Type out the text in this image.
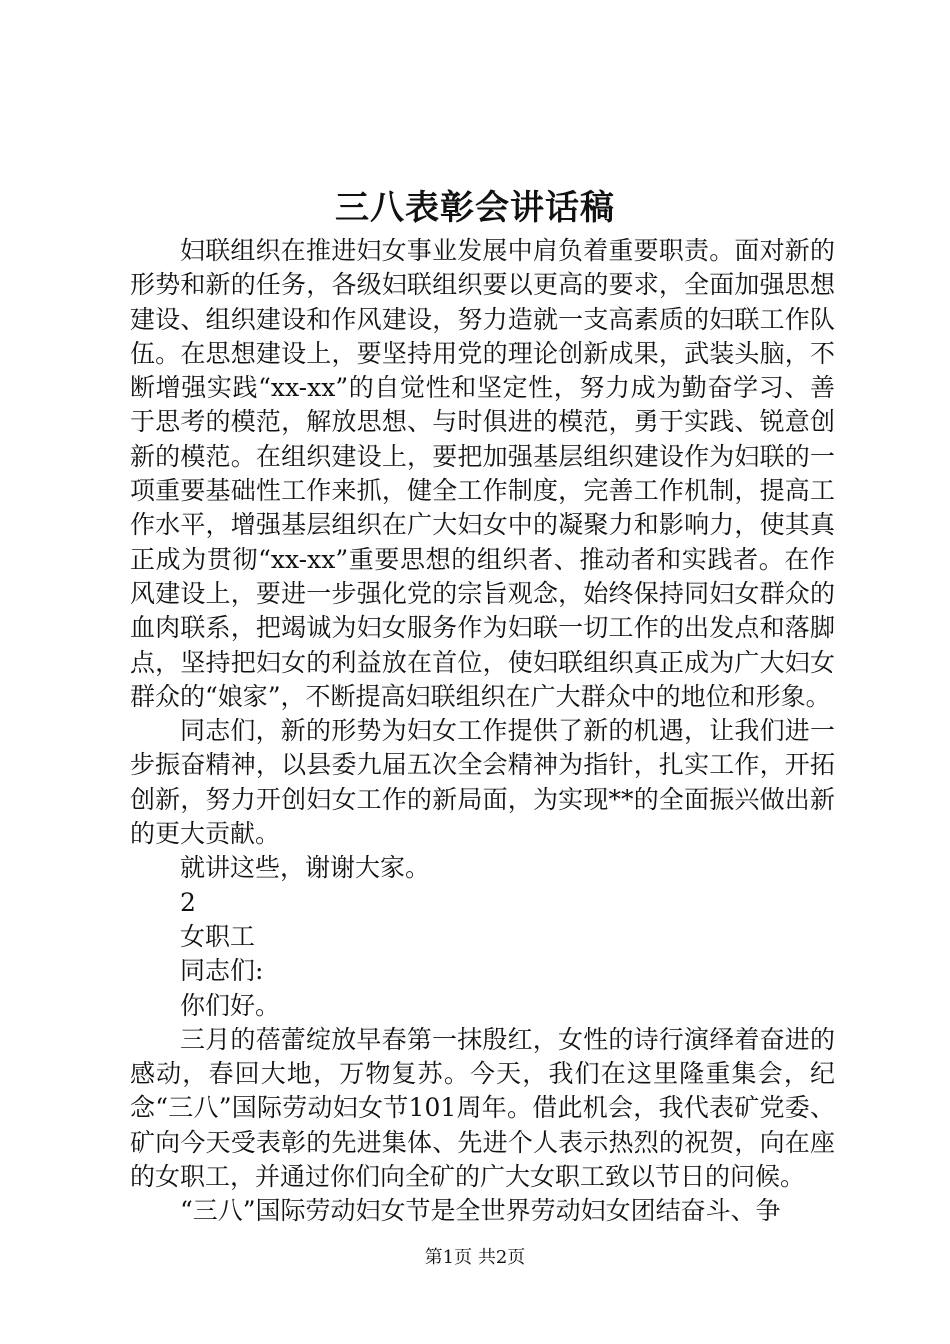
三八表彰会讲话稿

妇联组织在推进妇女事业发展中肩负着重要职责。面对新的形势和新的任务，各级妇联组织要以更高的要求，全面加强思想建设、组织建设和作风建设，努力造就一支高素质的妇联工作队伍。在思想建设上，要坚持用党的理论创新成果，武装头脑，不断增强实践“xx-xx”的自觉性和坚定性，努力成为勤奋学习、善于思考的模范，解放思想、与时俱进的模范，勇于实践、锐意创新的模范。在组织建设上，要把加强基层组织建设作为妇联的一项重要基础性工作来抓，健全工作制度，完善工作机制，提高工作水平，增强基层组织在广大妇女中的凝聚力和影响力，使其真正成为贯彻“xx-xx”重要思想的组织者、推动者和实践者。在作风建设上，要进一步强化党的宗旨观念，始终保持同妇女群众的血肉联系，把竭诚为妇女服务作为妇联一切工作的出发点和落脚点，坚持把妇女的利益放在首位，使妇联组织真正成为广大妇女群众的“娘家”，不断提高妇联组织在广大群众中的地位和形象。

同志们，新的形势为妇女工作提供了新的机遇，让我们进一步振奋精神，以县委九届五次全会精神为指针，扎实工作，开拓创新，努力开创妇女工作的新局面，为实现**的全面振兴做出新的更大贡献。

就讲这些，谢谢大家。

2

女职工

同志们:

你们好。

三月的蓓蕾绽放早春第一抹殷红，女性的诗行演绎着奋进的感动，春回大地，万物复苏。今天，我们在这里隆重集会，纪念“三八”国际劳动妇女节101周年。借此机会，我代表矿党委、矿向今天受表彰的先进集体、先进个人表示热烈的祝贺，向在座的女职工，并通过你们向全矿的广大女职工致以节日的问候。

“三八”国际劳动妇女节是全世界劳动妇女团结奋斗、争

第1页 共2页
